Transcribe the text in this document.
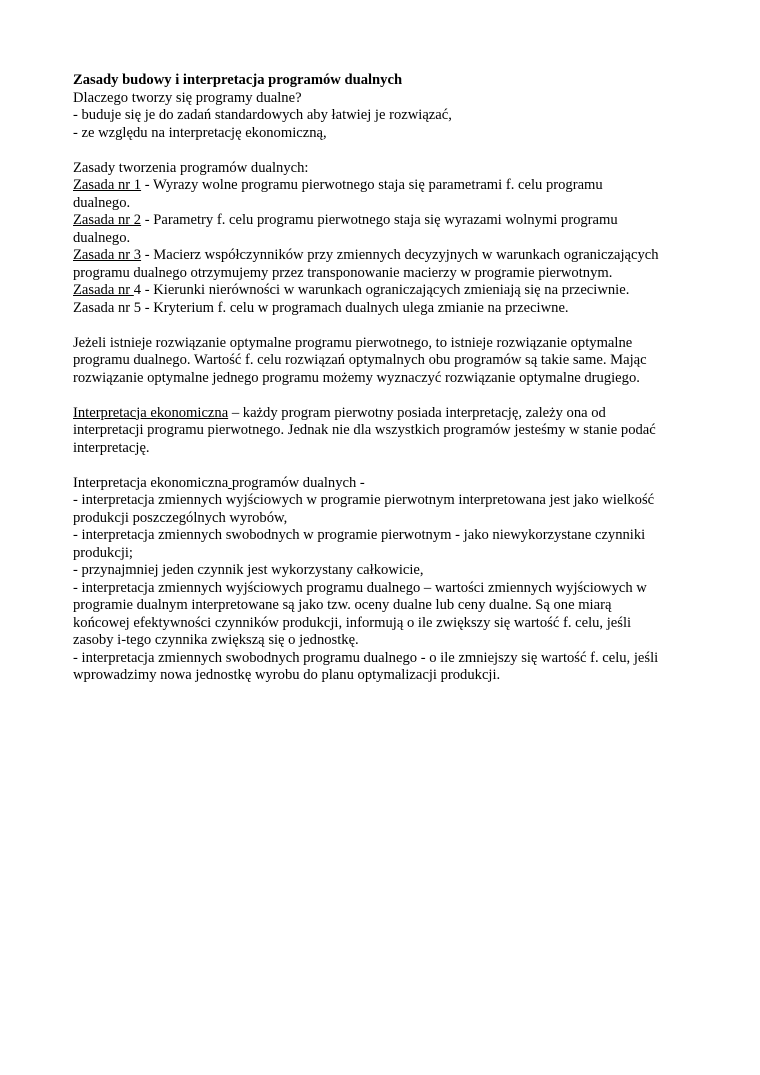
Zasady budowy i interpretacja programów dualnych
Dlaczego tworzy się programy dualne?
- buduje się je do zadań standardowych aby łatwiej je rozwiązać,
- ze względu na interpretację ekonomiczną,
Zasady tworzenia programów dualnych:
Zasada nr 1 - Wyrazy wolne programu pierwotnego staja się parametrami f. celu programu
dualnego.
Zasada nr 2 - Parametry f. celu programu pierwotnego staja się wyrazami wolnymi programu
dualnego.
Zasada nr 3 - Macierz współczynników przy zmiennych decyzyjnych w warunkach ograniczających
programu dualnego otrzymujemy przez transponowanie macierzy w programie pierwotnym.
Zasada nr 4 - Kierunki nierówności w warunkach ograniczających zmieniają się na przeciwnie.
Zasada nr 5 - Kryterium f. celu w programach dualnych ulega zmianie na przeciwne.
Jeżeli istnieje rozwiązanie optymalne programu pierwotnego, to istnieje rozwiązanie optymalne
programu dualnego. Wartość f. celu rozwiązań optymalnych obu programów są takie same. Mając
rozwiązanie optymalne jednego programu możemy wyznaczyć rozwiązanie optymalne drugiego.
Interpretacja ekonomiczna – każdy program pierwotny posiada interpretację, zależy ona od
interpretacji programu pierwotnego. Jednak nie dla wszystkich programów jesteśmy w stanie podać
interpretację.
Interpretacja ekonomiczna programów dualnych -
- interpretacja zmiennych wyjściowych w programie pierwotnym interpretowana jest jako wielkość
produkcji poszczególnych wyrobów,
- interpretacja zmiennych swobodnych w programie pierwotnym - jako niewykorzystane czynniki
produkcji;
- przynajmniej jeden czynnik jest wykorzystany całkowicie,
- interpretacja zmiennych wyjściowych programu dualnego – wartości zmiennych wyjściowych w
programie dualnym interpretowane są jako tzw. oceny dualne lub ceny dualne. Są one miarą
końcowej efektywności czynników produkcji, informują o ile zwiększy się wartość f. celu, jeśli
zasoby i-tego czynnika zwiększą się o jednostkę.
- interpretacja zmiennych swobodnych programu dualnego - o ile zmniejszy się wartość f. celu, jeśli
wprowadzimy nowa jednostkę wyrobu do planu optymalizacji produkcji.
